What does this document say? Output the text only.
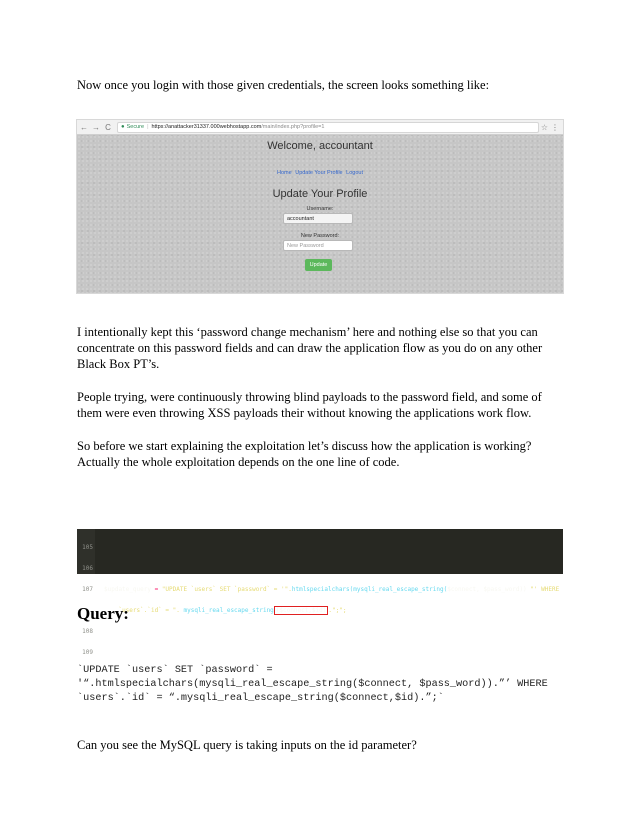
Now once you login with those given credentials, the screen looks something like:

← → C	● Secure | https://anattacker31337.000webhostapp.com /main/index.php?profile=1	☆ ⋮
Welcome, accountant
Home Update Your Profile Logout
Update Your Profile
Username:
accountant
New Password:
New Password
Update

I intentionally kept this ‘password change mechanism’ here and nothing else so that you can concentrate on this password fields and can draw the application flow as you do on any other Black Box PT’s.

People trying, were continuously throwing blind payloads to the password field, and some of them were even throwing XSS payloads their without knowing the applications work flow.

So before we start explaining the exploitation let’s discuss how the application is working? Actually the whole exploitation depends on the one line of code.

105

106

107

108

109

$update_query = "UPDATE `users` SET `password` = '".htmlspecialchars(mysqli_real_escape_string($connect, $pass_word)) "' WHERE

`users`.`id` = ". mysqli_real_escape_string ($connect,$id) .";";

Query:
`UPDATE `users` SET `password` =
'“.htmlspecialchars(mysqli_real_escape_string($connect, $pass_word)).”’ WHERE
`users`.`id` = “.mysqli_real_escape_string($connect,$id).”;`

Can you see the MySQL query is taking inputs on the id parameter?
